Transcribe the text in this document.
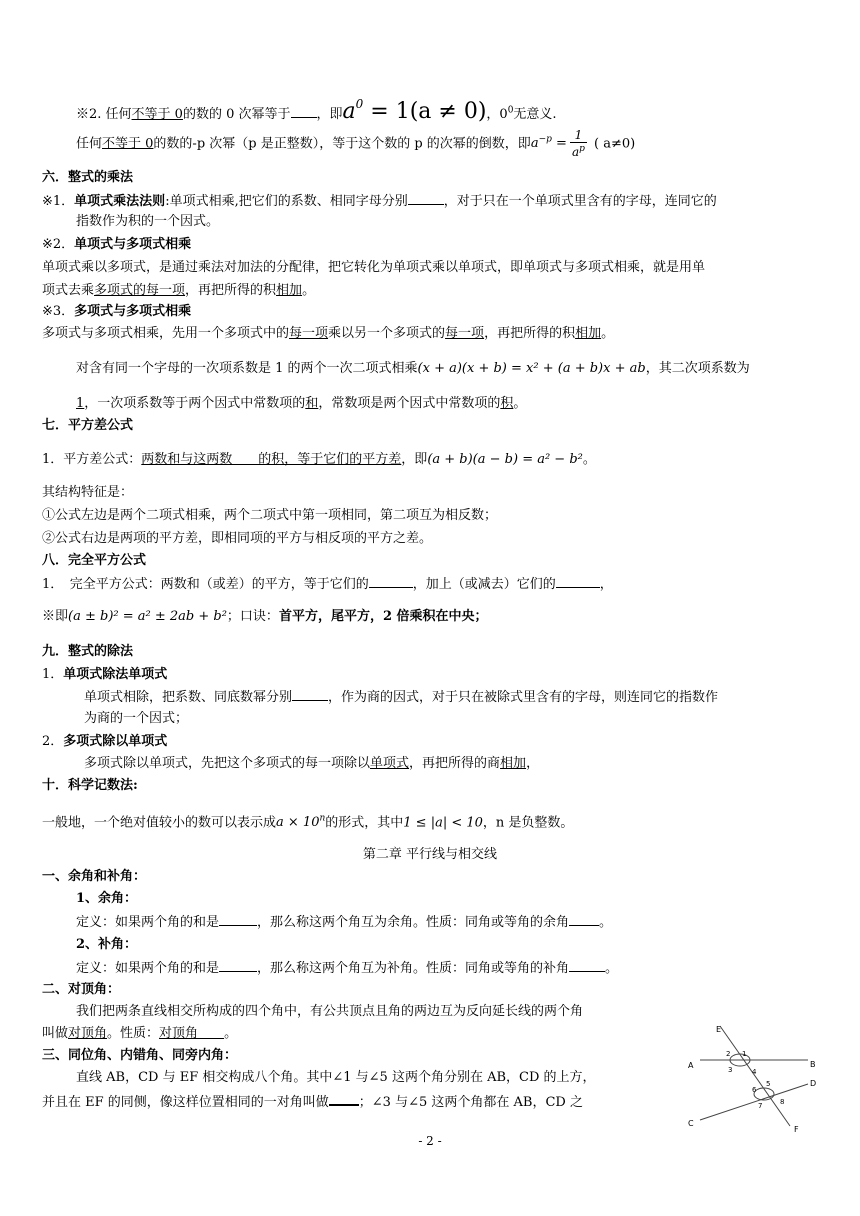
※2. 任何不等于 0的数的 0 次幂等于 ，即$a^0 = 1(a \ne 0)$，$0^0$无意义.
任何不等于 0的数的-p 次幂（p 是正整数），等于这个数的 p 的次幂的倒数，即$a^{-p} = \frac{1}{a^p}$ ( a≠0)
六．整式的乘法
※1．单项式乘法法则:单项式相乘,把它们的系数、相同字母分别	，对于只在一个单项式里含有的字母，连同它的
指数作为积的一个因式。
※2．单项式与多项式相乘
单项式乘以多项式，是通过乘法对加法的分配律，把它转化为单项式乘以单项式，即单项式与多项式相乘，就是用单
项式去乘多项式的每一项，再把所得的积相加。
※3．多项式与多项式相乘
多项式与多项式相乘，先用一个多项式中的每一项乘以另一个多项式的每一项，再把所得的积相加。
对含有同一个字母的一次项系数是 1 的两个一次二项式相乘(x + a)(x + b) = x² + (a + b)x + ab，其二次项系数为
1，一次项系数等于两个因式中常数项的和，常数项是两个因式中常数项的积。
七．平方差公式
1．平方差公式：两数和与这两数　　的积，等于它们的平方差，即(a + b)(a − b) = a² − b²。
其结构特征是：
①公式左边是两个二项式相乘，两个二项式中第一项相同，第二项互为相反数；
②公式右边是两项的平方差，即相同项的平方与相反项的平方之差。
八．完全平方公式
1．　完全平方公式：两数和（或差）的平方，等于它们的	，加上（或减去）它们的	，
※即(a ± b)² = a² ± 2ab + b²；口诀：首平方，尾平方，2 倍乘积在中央；
九．整式的除法
1．单项式除法单项式
单项式相除，把系数、同底数幂分别	，作为商的因式，对于只在被除式里含有的字母，则连同它的指数作
为商的一个因式；
2．多项式除以单项式
多项式除以单项式，先把这个多项式的每一项除以单项式，再把所得的商相加，
十．科学记数法:
一般地，一个绝对值较小的数可以表示成$a \times 10^n$的形式，其中1 ≤ |a| < 10，n 是负整数。
第二章 平行线与相交线
一、余角和补角：
1、余角：
定义：如果两个角的和是	，那么称这两个角互为余角。性质：同角或等角的余角 。
2、补角：
定义：如果两个角的和是	，那么称这两个角互为补角。性质：同角或等角的补角	。
二、对顶角：
我们把两条直线相交所构成的四个角中，有公共顶点且角的两边互为反向延长线的两个角
叫做对顶角。性质：对顶角　　。
三、同位角、内错角、同旁内角：
直线 AB，CD 与 EF 相交构成八个角。其中∠1 与∠5 这两个角分别在 AB，CD 的上方，
并且在 EF 的同侧，像这样位置相同的一对角叫做 ；∠3 与∠5 这两个角都在 AB，CD 之
E
A	B
D
C
F
1
2
3	4
5
6
7	8
- 2 -
